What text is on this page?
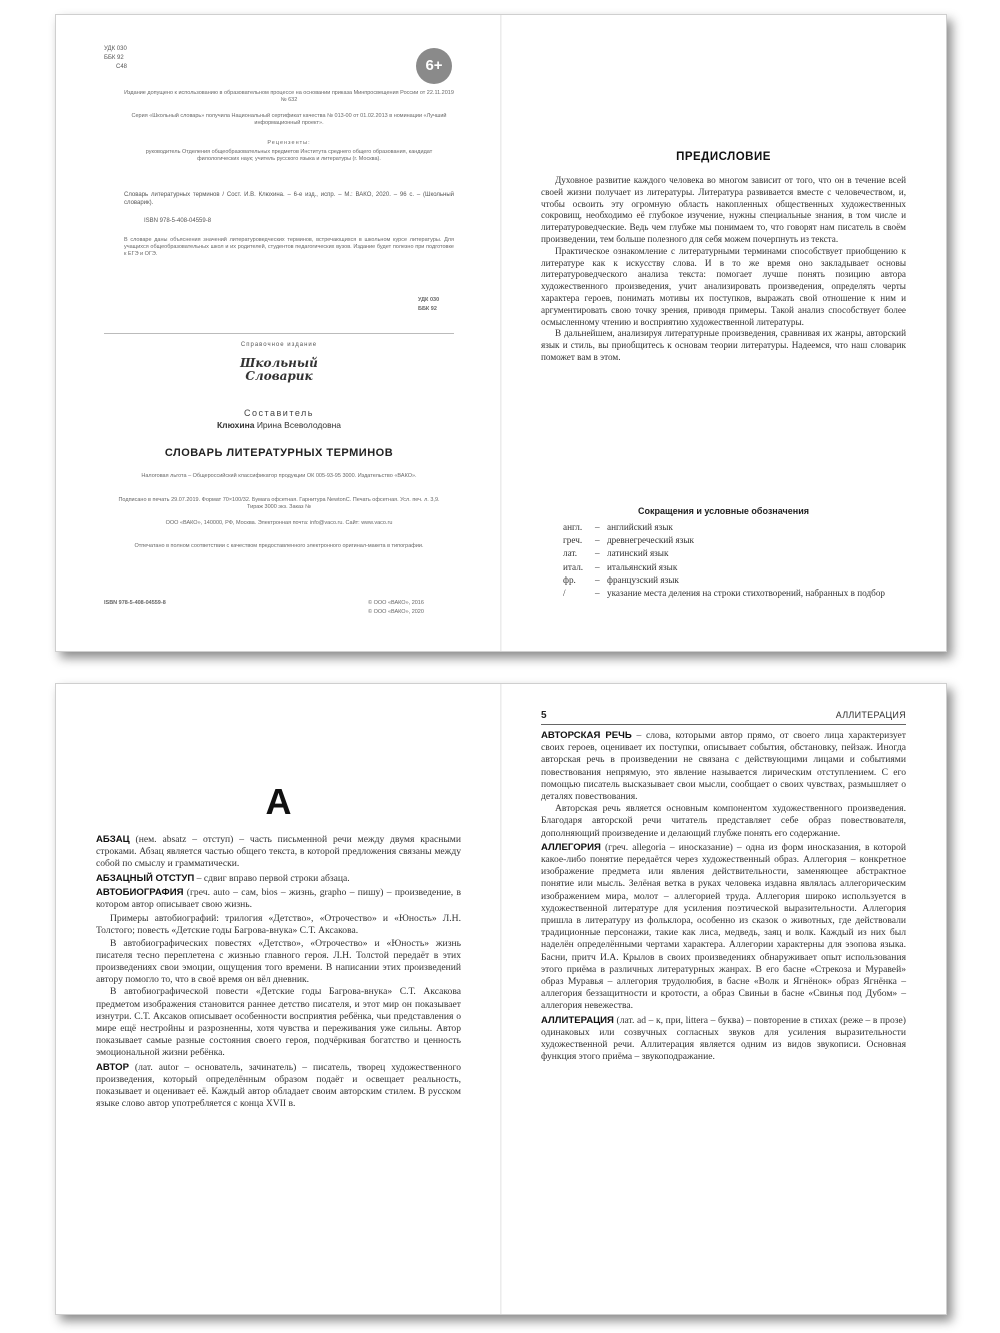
УДК 030
ББК 92
С48	6+
Издание допущено к использованию в образовательном процессе на основании приказа Минпросвещения России от 22.11.2019 № 632
Серия «Школьный словарь» получила Национальный сертификат качества № 013-00 от 01.02.2013 в номинации «Лучший информационный проект».
Рецензенты:
руководитель Отделения общеобразовательных предметов Института среднего общего образования, кандидат филологических наук; учитель русского языка и литературы (г. Москва).
Словарь литературных терминов / Сост. И.В. Клюхина. – 6-е изд., испр. – М.: ВАКО, 2020. – 96 с. – (Школьный словарик).
ISBN 978-5-408-04559-8
В словаре даны объяснения значений литературоведческих терминов, встречающихся в школьном курсе литературы. Для учащихся общеобразовательных школ и их родителей, студентов педагогических вузов. Издание будет полезно при подготовке к ЕГЭ и ОГЭ.
УДК 030
ББК 92
Справочное издание
Школьный
Словарик
Составитель
Клюхина Ирина Всеволодовна
СЛОВАРЬ ЛИТЕРАТУРНЫХ ТЕРМИНОВ
Налоговая льгота – Общероссийский классификатор продукции ОК 005-93-95 3000. Издательство «ВАКО».
Подписано в печать 29.07.2019. Формат 70×100/32. Бумага офсетная. Гарнитура NewtonC. Печать офсетная. Усл. печ. л. 3,9. Тираж 3000 экз. Заказ №
ООО «ВАКО», 140000, РФ, Москва. Электронная почта: info@vaco.ru. Сайт: www.vaco.ru
Отпечатано в полном соответствии с качеством предоставленного электронного оригинал-макета в типографии.
ISBN 978-5-408-04559-8	© ООО «ВАКО», 2016
© ООО «ВАКО», 2020
ПРЕДИСЛОВИЕ

Духовное развитие каждого человека во многом зависит от того, что он в течение всей своей жизни получает из литературы. Литература развивается вместе с человечеством, и, чтобы освоить эту огромную область накопленных общественных художественных сокровищ, необходимо её глубокое изучение, нужны специальные знания, в том числе и литературоведческие. Ведь чем глубже мы понимаем то, что говорят нам писатель в своём произведении, тем больше полезного для себя можем почерпнуть из текста.

Практическое ознакомление с литературными терминами способствует приобщению к литературе как к искусству слова. И в то же время оно закладывает основы литературоведческого анализа текста: помогает лучше понять позицию автора художественного произведения, учит анализировать произведения, определять черты характера героев, понимать мотивы их поступков, выражать свой отношение к ним и аргументировать свою точку зрения, приводя примеры. Такой анализ способствует более осмысленному чтению и восприятию художественной литературы.

В дальнейшем, анализируя литературные произведения, сравнивая их жанры, авторский язык и стиль, вы приобщитесь к основам теории литературы. Надеемся, что наш словарик поможет вам в этом.

Сокращения и условные обозначения
англ.	– английский язык
греч.	– древнегреческий язык
лат.	– латинский язык
итал.	– итальянский язык
фр.	– французский язык
/	– указание места деления на строки стихотворений, набранных в подбор
А

АБЗАЦ (нем. absatz – отступ) – часть письменной речи между двумя красными строками. Абзац является частью общего текста, в которой предложения связаны между собой по смыслу и грамматически.

АБЗАЦНЫЙ ОТСТУП – сдвиг вправо первой строки абзаца.

АВТОБИОГРАФИЯ (греч. auto – сам, bios – жизнь, grapho – пишу) – произведение, в котором автор описывает свою жизнь.

Примеры автобиографий: трилогия «Детство», «Отрочество» и «Юность» Л.Н. Толстого; повесть «Детские годы Багрова-внука» С.Т. Аксакова.

В автобиографических повестях «Детство», «Отрочество» и «Юность» жизнь писателя тесно переплетена с жизнью главного героя. Л.Н. Толстой передаёт в этих произведениях свои эмоции, ощущения того времени. В написании этих произведений автору помогло то, что в своё время он вёл дневник.

В автобиографической повести «Детские годы Багрова-внука» С.Т. Аксакова предметом изображения становится раннее детство писателя, и этот мир он показывает изнутри. С.Т. Аксаков описывает особенности восприятия ребёнка, чьи представления о мире ещё нестройны и разрозненны, хотя чувства и переживания уже сильны. Автор показывает самые разные состояния своего героя, подчёркивая богатство и ценность эмоциональной жизни ребёнка.

АВТОР (лат. autor – основатель, зачинатель) – писатель, творец художественного произведения, который определённым образом подаёт и освещает реальность, показывает и оценивает её. Каждый автор обладает своим авторским стилем. В русском языке слово автор употребляется с конца XVII в.

5	АЛЛИТЕРАЦИЯ

АВТОРСКАЯ РЕЧЬ – слова, которыми автор прямо, от своего лица характеризует своих героев, оценивает их поступки, описывает события, обстановку, пейзаж. Иногда авторская речь в произведении не связана с действующими лицами и событиями повествования непрямую, это явление называется лирическим отступлением. С его помощью писатель высказывает свои мысли, сообщает о своих чувствах, размышляет о деталях повествования.

Авторская речь является основным компонентом художественного произведения. Благодаря авторской речи читатель представляет себе образ повествователя, дополняющий произведение и делающий глубже понять его содержание.

АЛЛЕГОРИЯ (греч. allegoria – иносказание) – одна из форм иносказания, в которой какое-либо понятие передаётся через художественный образ. Аллегория – конкретное изображение предмета или явления действительности, заменяющее абстрактное понятие или мысль. Зелёная ветка в руках человека издавна являлась аллегорическим изображением мира, молот – аллегорией труда. Аллегория широко используется в художественной литературе для усиления поэтической выразительности. Аллегория пришла в литературу из фольклора, особенно из сказок о животных, где действовали традиционные персонажи, такие как лиса, медведь, заяц и волк. Каждый из них был наделён определёнными чертами характера. Аллегории характерны для эзопова языка. Басни, притч И.А. Крылов в своих произведениях обнаруживает опыт использования этого приёма в различных литературных жанрах. В его басне «Стрекоза и Муравей» образ Муравья – аллегория трудолюбия, в басне «Волк и Ягнёнок» образ Ягнёнка – аллегория беззащитности и кротости, а образ Свиньи в басне «Свинья под Дубом» – аллегория невежества.

АЛЛИТЕРАЦИЯ (лат. ad – к, при, littera – буква) – повторение в стихах (реже – в прозе) одинаковых или созвучных согласных звуков для усиления выразительности художественной речи. Аллитерация является одним из видов звукописи. Основная функция этого приёма – звукоподражание.
